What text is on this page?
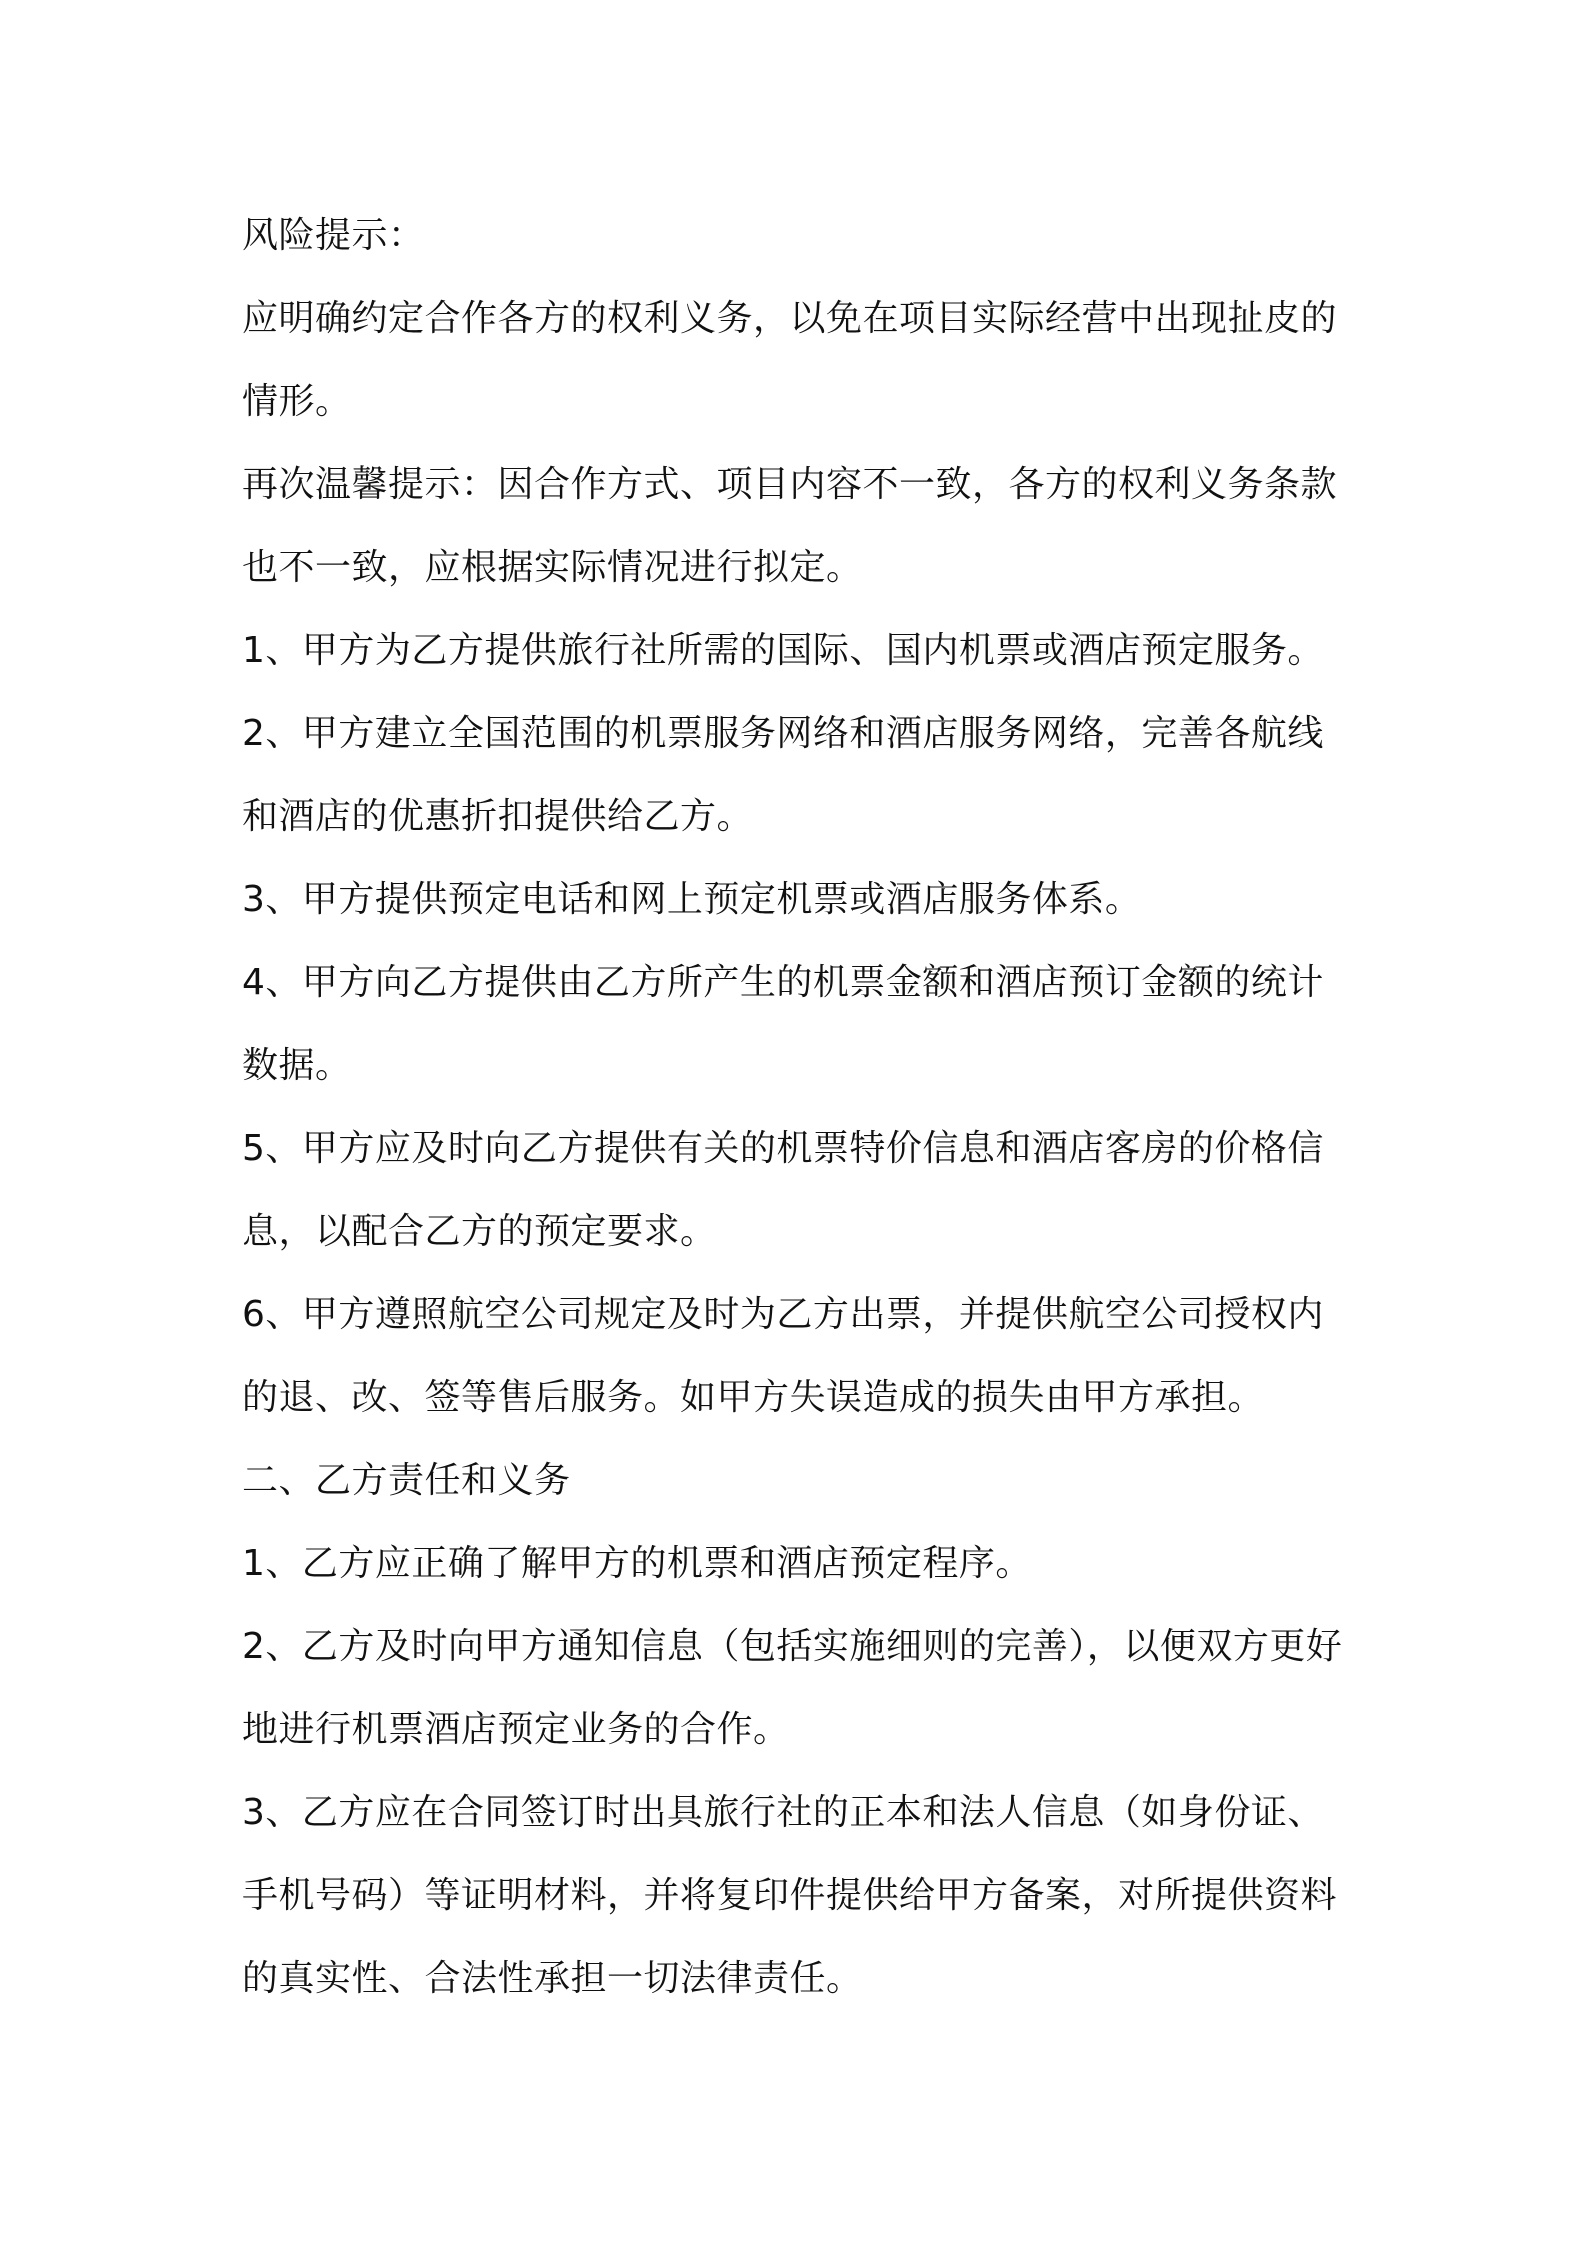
风险提示：

应明确约定合作各方的权利义务，以免在项目实际经营中出现扯皮的
情形。

再次温馨提示：因合作方式、项目内容不一致，各方的权利义务条款
也不一致，应根据实际情况进行拟定。

1、甲方为乙方提供旅行社所需的国际、国内机票或酒店预定服务。

2、甲方建立全国范围的机票服务网络和酒店服务网络，完善各航线
和酒店的优惠折扣提供给乙方。

3、甲方提供预定电话和网上预定机票或酒店服务体系。

4、甲方向乙方提供由乙方所产生的机票金额和酒店预订金额的统计
数据。

5、甲方应及时向乙方提供有关的机票特价信息和酒店客房的价格信
息，以配合乙方的预定要求。

6、甲方遵照航空公司规定及时为乙方出票，并提供航空公司授权内
的退、改、签等售后服务。如甲方失误造成的损失由甲方承担。

二、乙方责任和义务

1、乙方应正确了解甲方的机票和酒店预定程序。

2、乙方及时向甲方通知信息（包括实施细则的完善），以便双方更好
地进行机票酒店预定业务的合作。

3、乙方应在合同签订时出具旅行社的正本和法人信息（如身份证、
手机号码）等证明材料，并将复印件提供给甲方备案，对所提供资料
的真实性、合法性承担一切法律责任。
